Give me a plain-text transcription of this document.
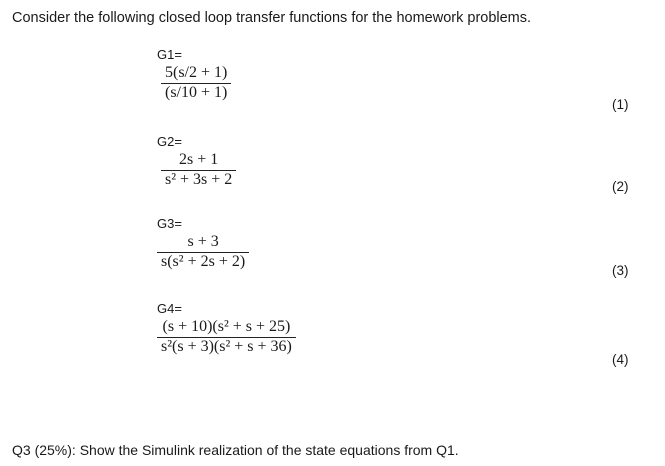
Consider the following closed loop transfer functions for the homework problems.
G1=
$\frac{5(s/2 + 1)}{(s/10 + 1)}$
(1)
G2=
$\frac{2s + 1}{\text{s² + 3s + 2}}$	(2)
G3=
$\frac{s + 3}{\text{s(s² + 2s + 2)}}$	(3)
G4=
$\frac{\text{(s + 10)(s² + s + 25)}}{\text{s²(s + 3)(s² + s + 36)}}$
(4)
Q3 (25%): Show the Simulink realization of the state equations from Q1.
